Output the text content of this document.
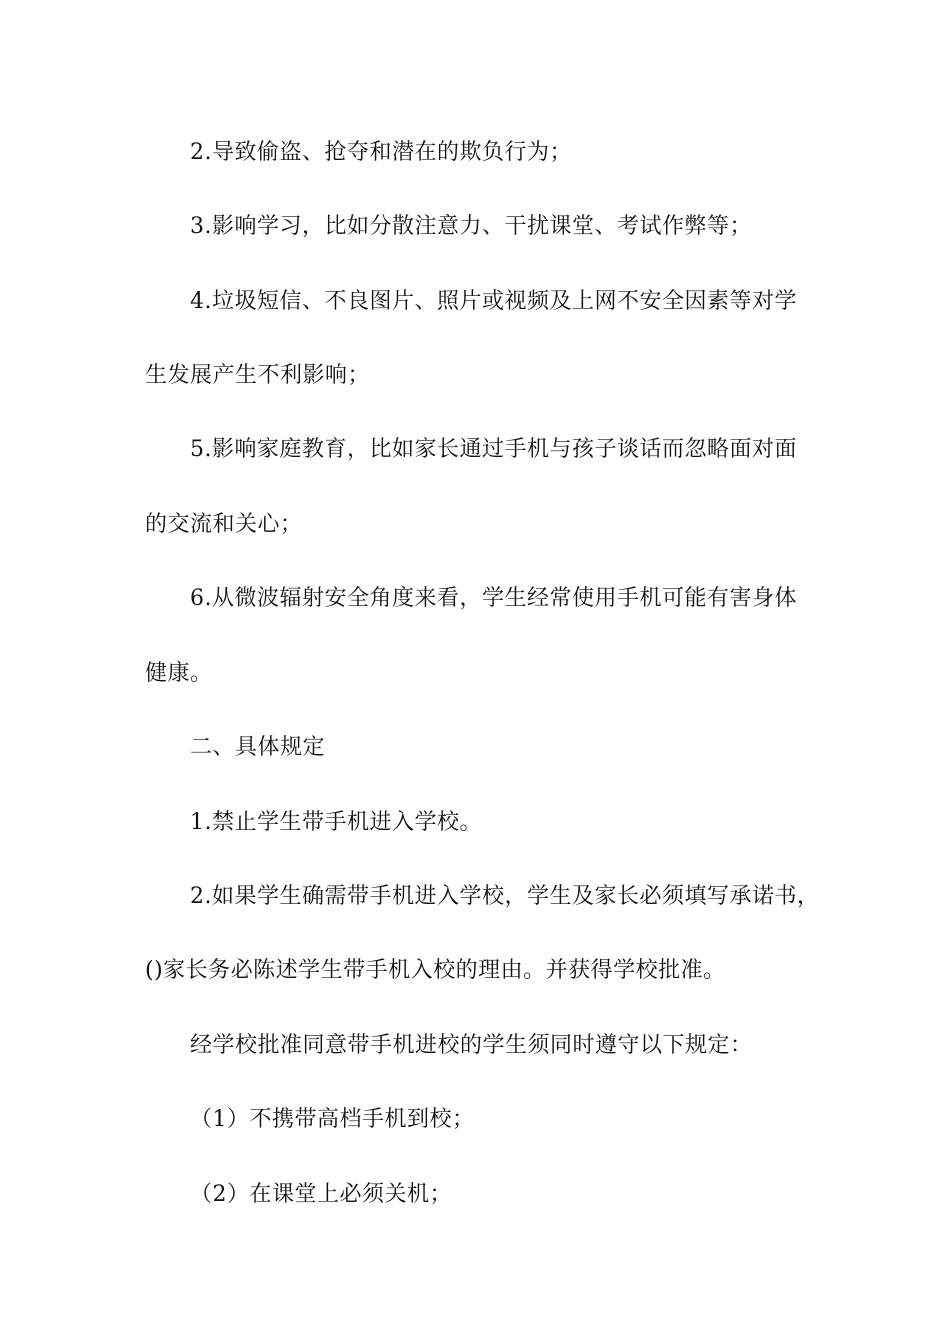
2.导致偷盗、抢夺和潜在的欺负行为；
3.影响学习，比如分散注意力、干扰课堂、考试作弊等；
4.垃圾短信、不良图片、照片或视频及上网不安全因素等对学
生发展产生不利影响；
5.影响家庭教育，比如家长通过手机与孩子谈话而忽略面对面
的交流和关心；
6.从微波辐射安全角度来看，学生经常使用手机可能有害身体
健康。
二、具体规定
1.禁止学生带手机进入学校。
2.如果学生确需带手机进入学校，学生及家长必须填写承诺书，
()家长务必陈述学生带手机入校的理由。并获得学校批准。
经学校批准同意带手机进校的学生须同时遵守以下规定：
（1）不携带高档手机到校；
（2）在课堂上必须关机；
